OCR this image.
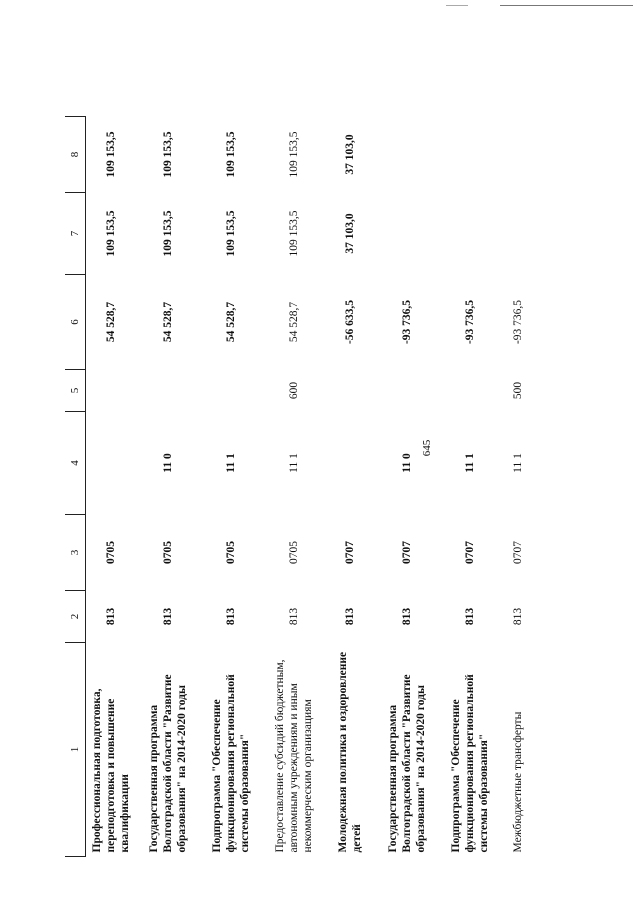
645
1	2	3	4	5	6	7	8
Профессиональная подготовка, переподготовка и повышение квалификации	813	0705			54 528,7	109 153,5	109 153,5
Государственная программа Волгоградской области "Развитие образования" на 2014-2020 годы	813	0705	11 0		54 528,7	109 153,5	109 153,5
Подпрограмма "Обеспечение функционирования региональной системы образования"	813	0705	11 1		54 528,7	109 153,5	109 153,5
Предоставление субсидий бюджетным, автономным учреждениям и иным некоммерческим организациям	813	0705	11 1	600	54 528,7	109 153,5	109 153,5
Молодежная политика и оздоровление детей	813	0707			-56 633,5	37 103,0	37 103,0
Государственная программа Волгоградской области "Развитие образования" на 2014-2020 годы	813	0707	11 0		-93 736,5		
Подпрограмма "Обеспечение функционирования региональной системы образования"	813	0707	11 1		-93 736,5		
Межбюджетные трансферты	813	0707	11 1	500	-93 736,5		
